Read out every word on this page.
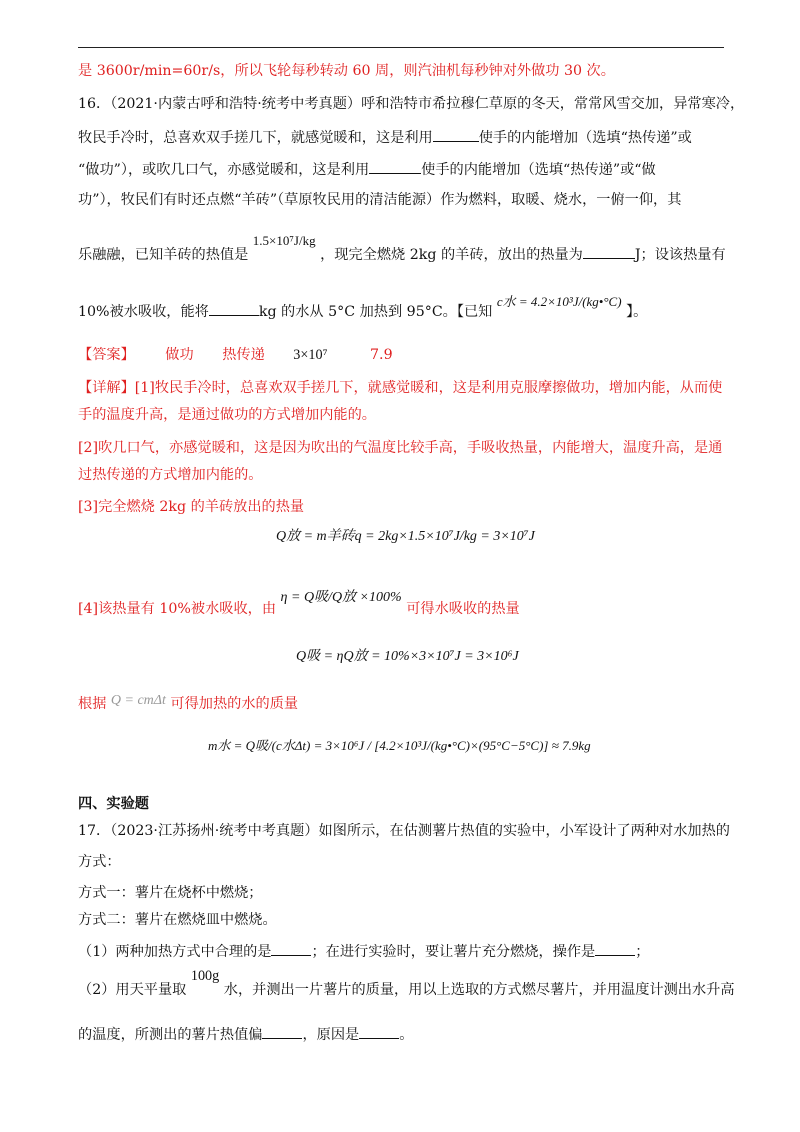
是 3600r/min=60r/s，所以飞轮每秒转动 60 周，则汽油机每秒钟对外做功 30 次。
16．（2021·内蒙古呼和浩特·统考中考真题）呼和浩特市希拉穆仁草原的冬天，常常风雪交加，异常寒冷，
牧民手冷时，总喜欢双手搓几下，就感觉暖和，这是利用	使手的内能增加（选填“热传递”或
“做功”），或吹几口气，亦感觉暖和，这是利用	使手的内能增加（选填“热传递”或“做
功”），牧民们有时还点燃“羊砖”（草原牧民用的清洁能源）作为燃料，取暖、烧水，一俯一仰，其
乐融融，已知羊砖的热值是 1.5×10⁷J/kg ，现完全燃烧 2kg 的羊砖，放出的热量为	J；设该热量有
10%被水吸收，能将	kg 的水从 5°C 加热到 95°C。【已知 c水 = 4.2×10³J/(kg•°C) 】。
【答案】 做功 热传递 3×10⁷	7.9
【详解】[1]牧民手冷时，总喜欢双手搓几下，就感觉暖和，这是利用克服摩擦做功，增加内能，从而使
手的温度升高，是通过做功的方式增加内能的。
[2]吹几口气，亦感觉暖和，这是因为吹出的气温度比较手高，手吸收热量，内能增大，温度升高，是通
过热传递的方式增加内能的。
[3]完全燃烧 2kg 的羊砖放出的热量
Q放 = m羊砖q = 2kg×1.5×10⁷J/kg = 3×10⁷J
[4]该热量有 10%被水吸收，由 η = Q吸/Q放 ×100% 可得水吸收的热量
Q吸 = ηQ放 = 10%×3×10⁷J = 3×10⁶J
根据 Q = cmΔt 可得加热的水的质量
m水 = Q吸/(c水Δt) = 3×10⁶J / [4.2×10³J/(kg•°C)×(95°C−5°C)] ≈ 7.9kg
四、实验题
17．（2023·江苏扬州·统考中考真题）如图所示，在估测薯片热值的实验中，小军设计了两种对水加热的
方式：
方式一：薯片在烧杯中燃烧；
方式二：薯片在燃烧皿中燃烧。
（1）两种加热方式中合理的是	；在进行实验时，要让薯片充分燃烧，操作是	；
（2）用天平量取 100g 水，并测出一片薯片的质量，用以上选取的方式燃尽薯片，并用温度计测出水升高
的温度，所测出的薯片热值偏	，原因是	。
